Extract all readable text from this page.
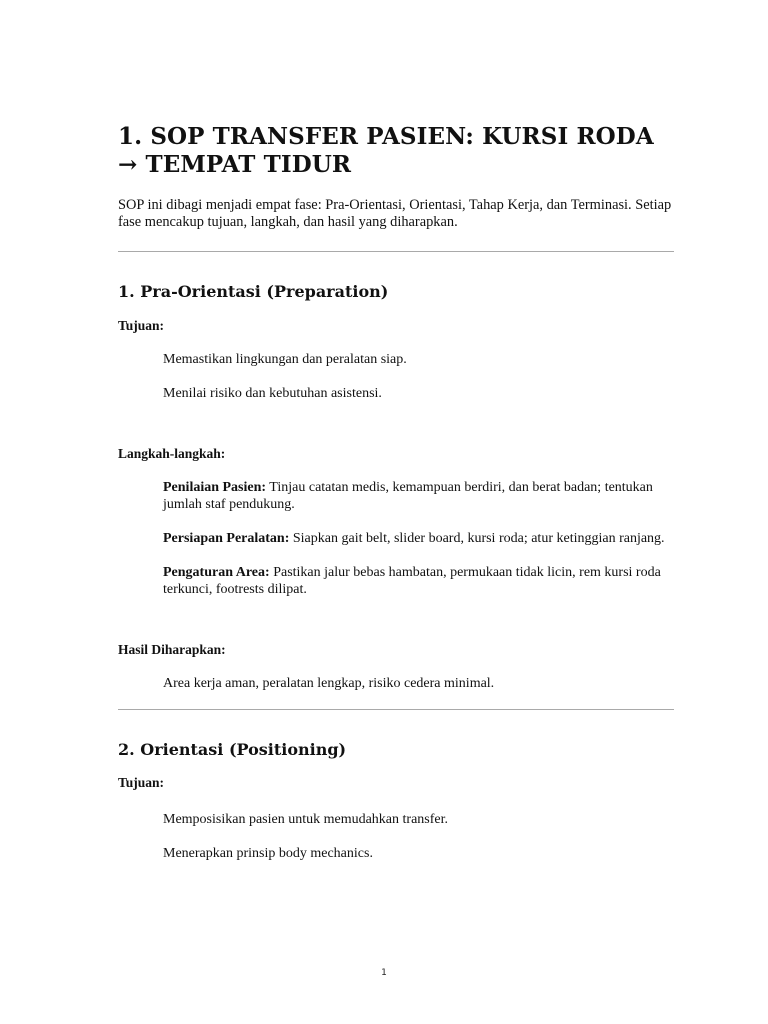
1. SOP TRANSFER PASIEN: KURSI RODA → TEMPAT TIDUR

SOP ini dibagi menjadi empat fase: Pra-Orientasi, Orientasi, Tahap Kerja, dan Terminasi. Setiap fase mencakup tujuan, langkah, dan hasil yang diharapkan.

1. Pra-Orientasi (Preparation)

Tujuan:

Memastikan lingkungan dan peralatan siap.

Menilai risiko dan kebutuhan asistensi.

Langkah-langkah:

Penilaian Pasien: Tinjau catatan medis, kemampuan berdiri, dan berat badan; tentukan jumlah staf pendukung.

Persiapan Peralatan: Siapkan gait belt, slider board, kursi roda; atur ketinggian ranjang.

Pengaturan Area: Pastikan jalur bebas hambatan, permukaan tidak licin, rem kursi roda terkunci, footrests dilipat.

Hasil Diharapkan:

Area kerja aman, peralatan lengkap, risiko cedera minimal.

2. Orientasi (Positioning)

Tujuan:

Memposisikan pasien untuk memudahkan transfer.

Menerapkan prinsip body mechanics.

1
